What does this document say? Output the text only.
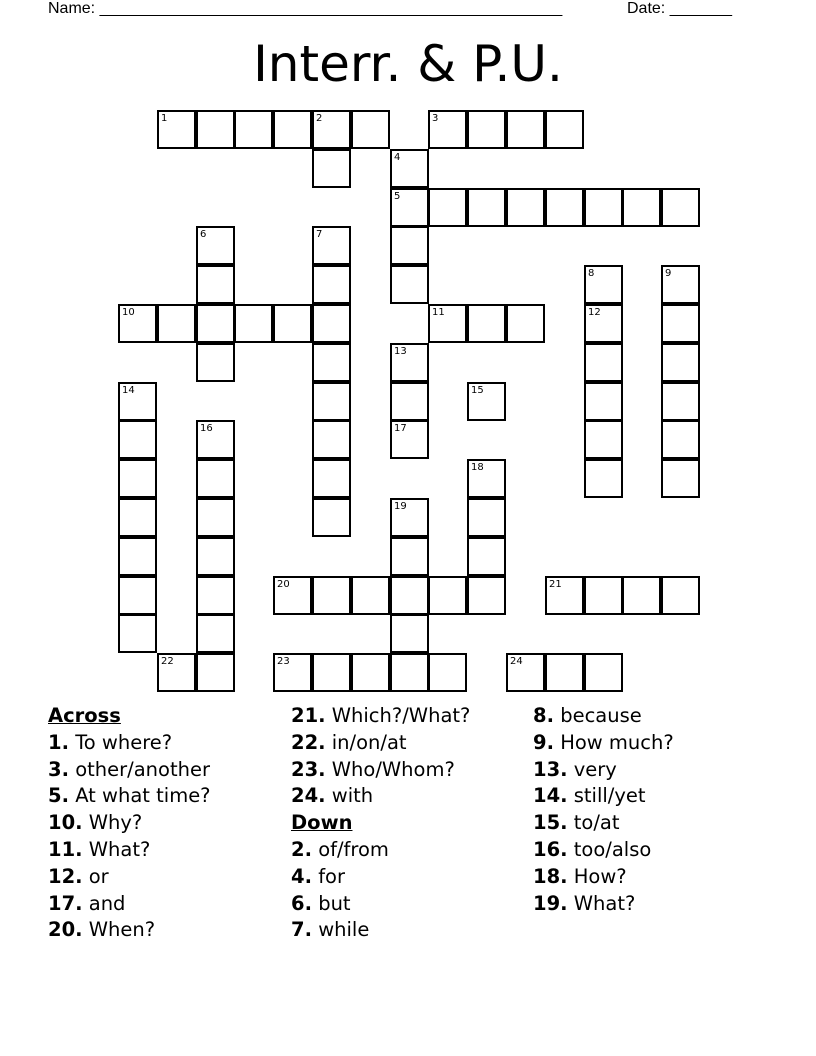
Name: ____________________________________________________	Date: _______
Interr. & P.U.
1	2	3
4
5
6	7
8	9
10	11	12
13
14	15
16	17
18
19
20	21
22	23	24
Across
1. To where?
3. other/another
5. At what time?
10. Why?
11. What?
12. or
17. and
20. When?
21. Which?/What?
22. in/on/at
23. Who/Whom?
24. with
Down
2. of/from
4. for
6. but
7. while
8. because
9. How much?
13. very
14. still/yet
15. to/at
16. too/also
18. How?
19. What?
